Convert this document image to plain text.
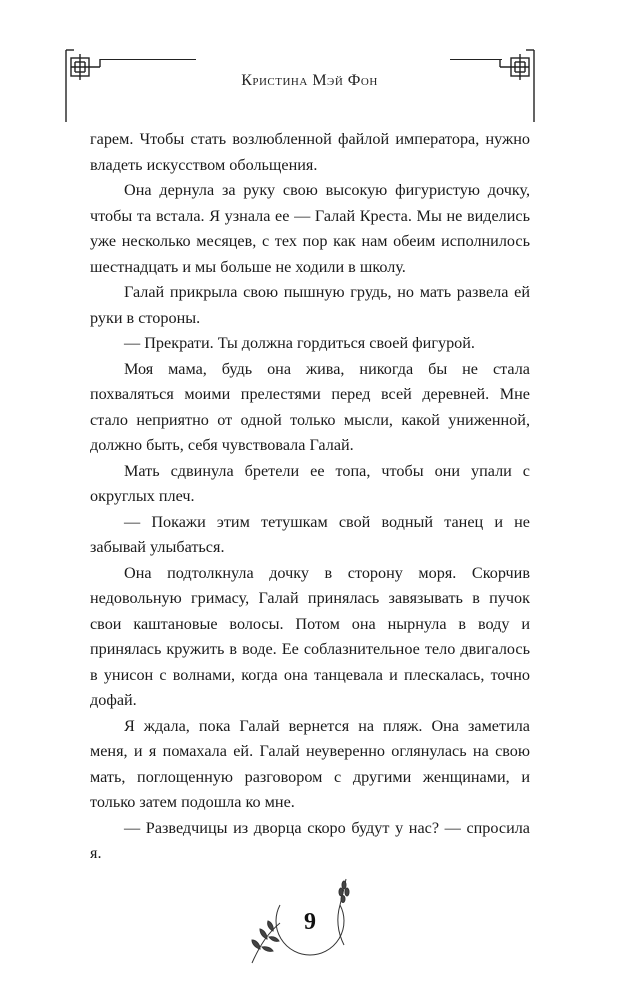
Кристина Мэй Фон

гарем. Чтобы стать возлюбленной файлой императора, нужно владеть искусством обольщения.

Она дернула за руку свою высокую фигуристую дочку, чтобы та встала. Я узнала ее — Галай Креста. Мы не виделись уже несколько месяцев, с тех пор как нам обеим исполнилось шестнадцать и мы больше не ходили в школу.

Галай прикрыла свою пышную грудь, но мать развела ей руки в стороны.

— Прекрати. Ты должна гордиться своей фигурой.

Моя мама, будь она жива, никогда бы не стала похваляться моими прелестями перед всей деревней. Мне стало неприятно от одной только мысли, какой униженной, должно быть, себя чувствовала Галай.

Мать сдвинула бретели ее топа, чтобы они упали с округлых плеч.

— Покажи этим тетушкам свой водный танец и не забывай улыбаться.

Она подтолкнула дочку в сторону моря. Скорчив недовольную гримасу, Галай принялась завязывать в пучок свои каштановые волосы. Потом она нырнула в воду и принялась кружить в воде. Ее соблазнительное тело двигалось в унисон с волнами, когда она танцевала и плескалась, точно дофай.

Я ждала, пока Галай вернется на пляж. Она заметила меня, и я помахала ей. Галай неуверенно оглянулась на свою мать, поглощенную разговором с другими женщинами, и только затем подошла ко мне.

— Разведчицы из дворца скоро будут у нас? — спросила я.

9
